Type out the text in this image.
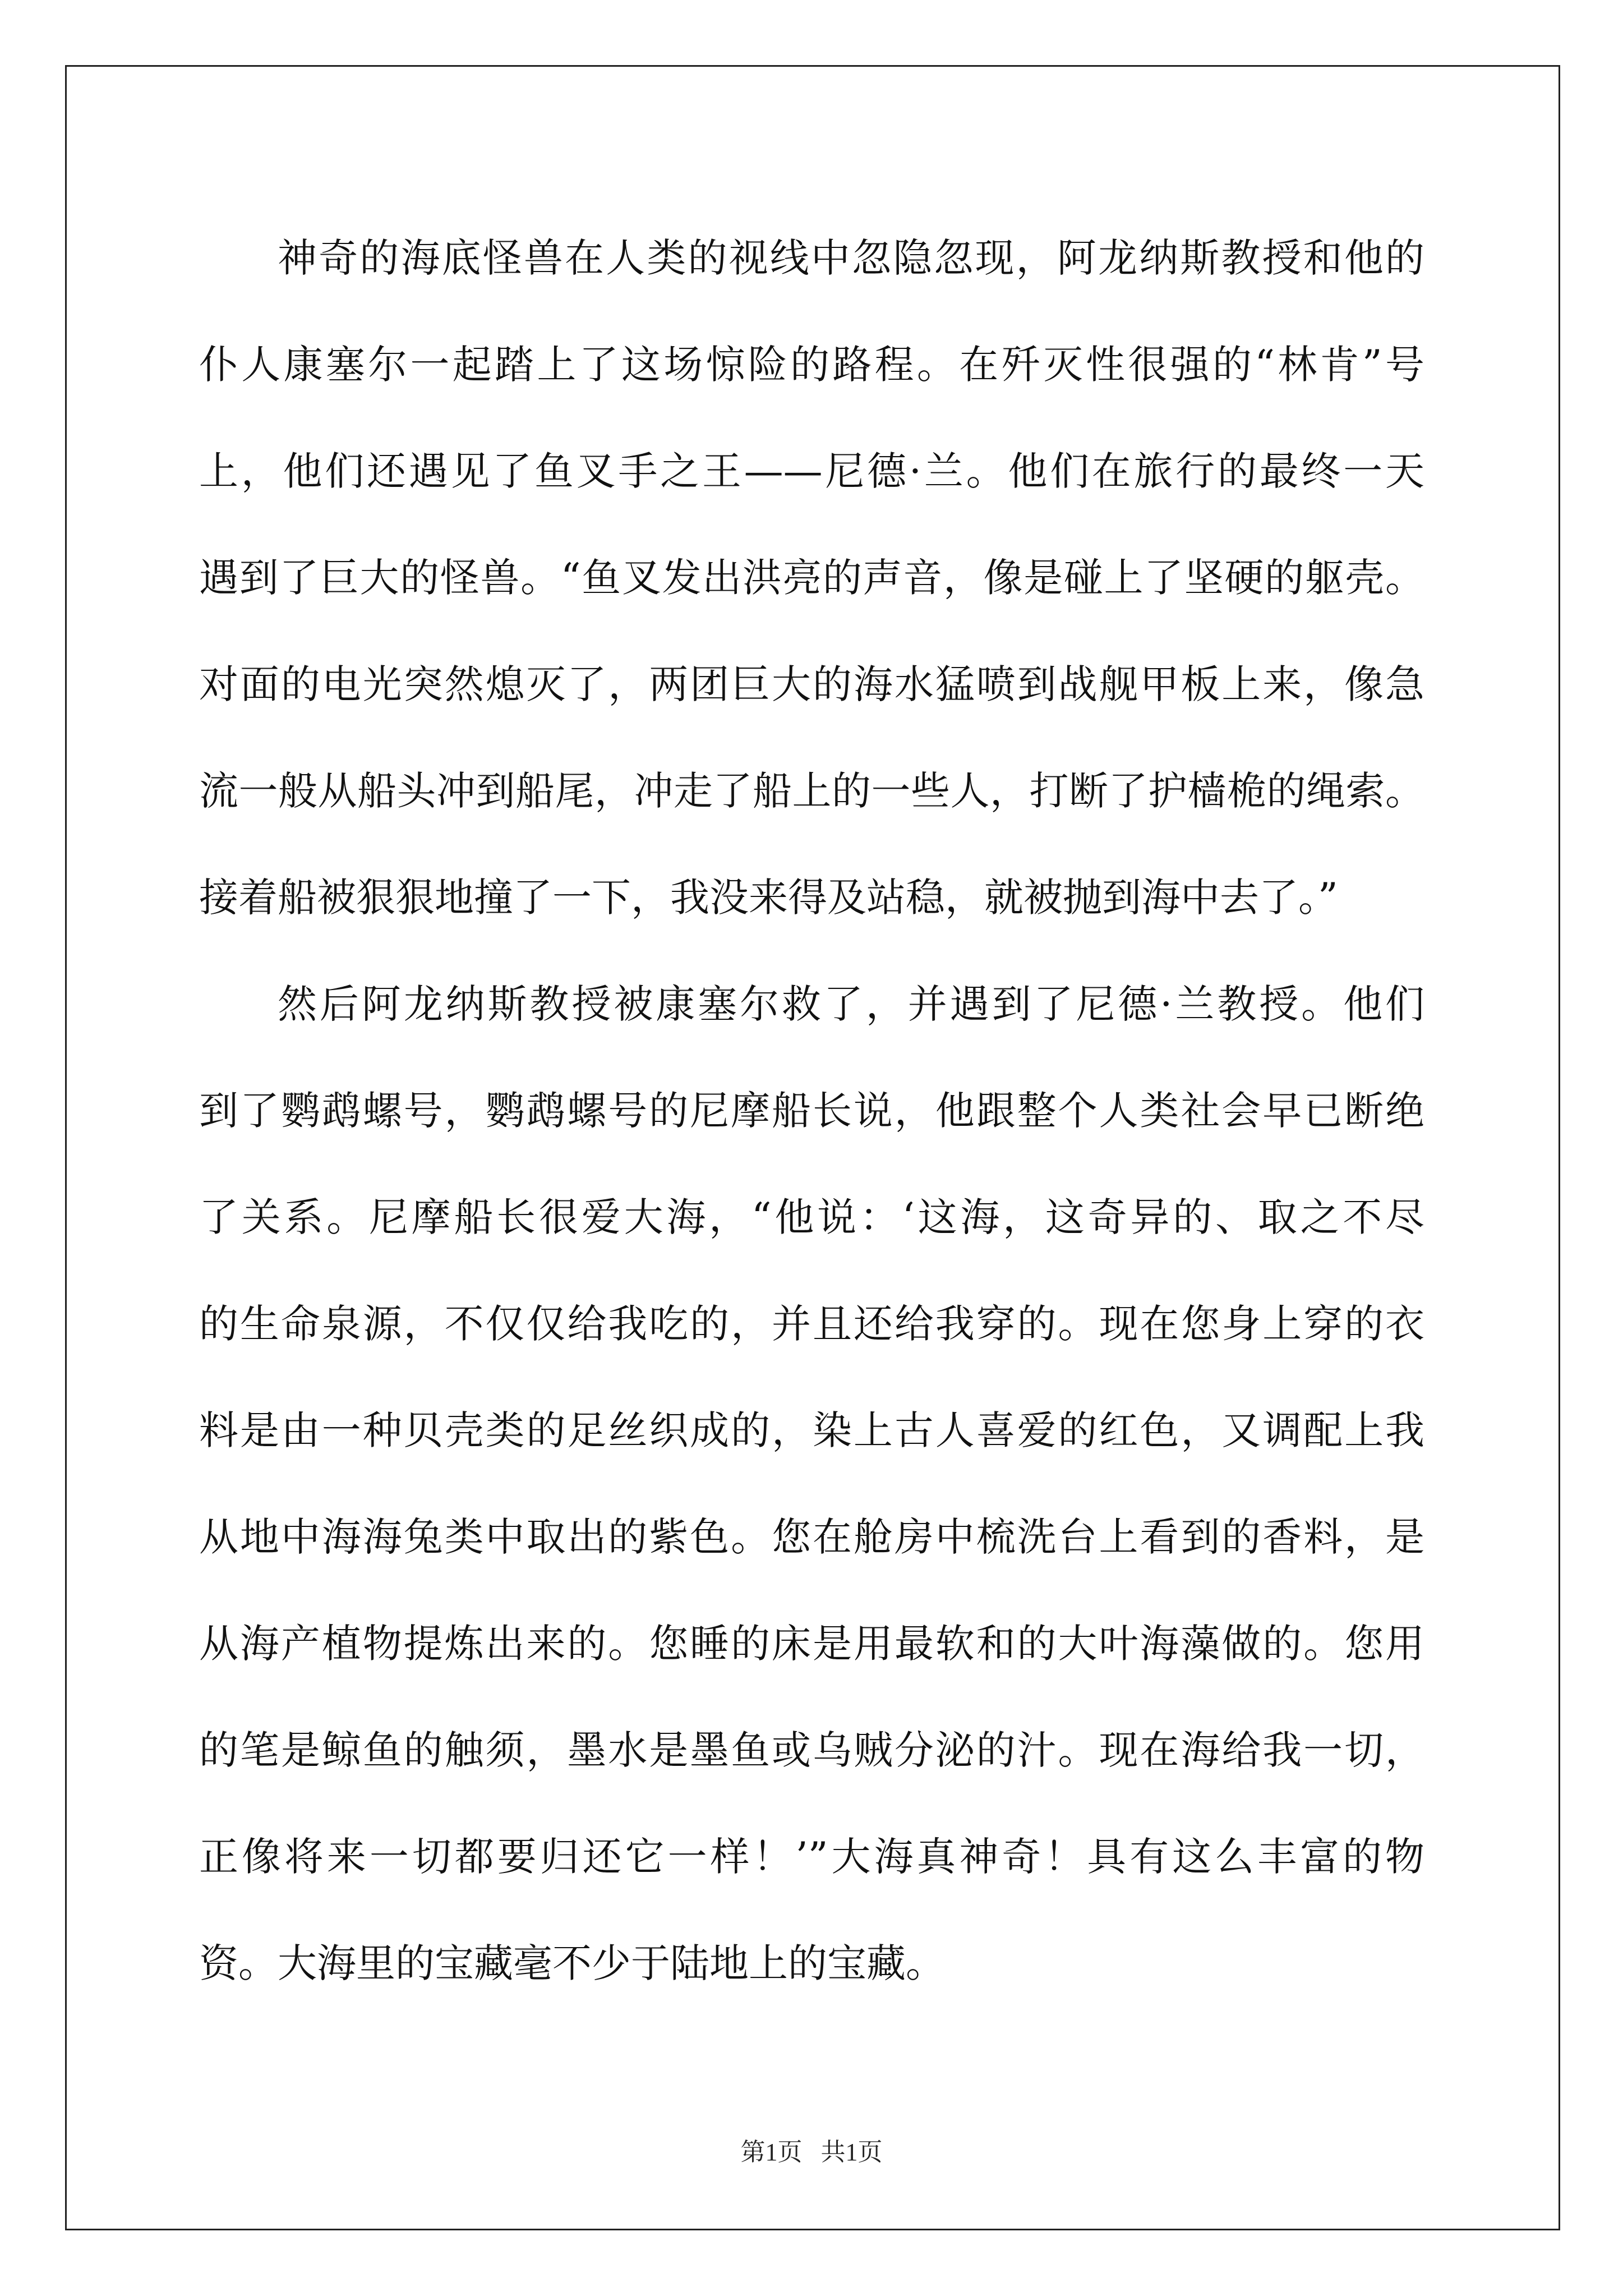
神奇的海底怪兽在人类的视线中忽隐忽现，阿龙纳斯教授和他的
仆人康塞尔一起踏上了这场惊险的路程。在歼灭性很强的“林肯”号
上，他们还遇见了鱼叉手之王——尼德·兰。他们在旅行的最终一天
遇到了巨大的怪兽。“鱼叉发出洪亮的声音，像是碰上了坚硬的躯壳。
对面的电光突然熄灭了，两团巨大的海水猛喷到战舰甲板上来，像急
流一般从船头冲到船尾，冲走了船上的一些人，打断了护樯桅的绳索。
接着船被狠狠地撞了一下，我没来得及站稳，就被抛到海中去了。”
然后阿龙纳斯教授被康塞尔救了，并遇到了尼德·兰教授。他们
到了鹦鹉螺号，鹦鹉螺号的尼摩船长说，他跟整个人类社会早已断绝
了关系。尼摩船长很爱大海，“他说：‘这海，这奇异的、取之不尽
的生命泉源，不仅仅给我吃的，并且还给我穿的。现在您身上穿的衣
料是由一种贝壳类的足丝织成的，染上古人喜爱的红色，又调配上我
从地中海海兔类中取出的紫色。您在舱房中梳洗台上看到的香料，是
从海产植物提炼出来的。您睡的床是用最软和的大叶海藻做的。您用
的笔是鲸鱼的触须，墨水是墨鱼或乌贼分泌的汁。现在海给我一切，
正像将来一切都要归还它一样！’”大海真神奇！具有这么丰富的物
资。大海里的宝藏毫不少于陆地上的宝藏。
第1页 共1页
